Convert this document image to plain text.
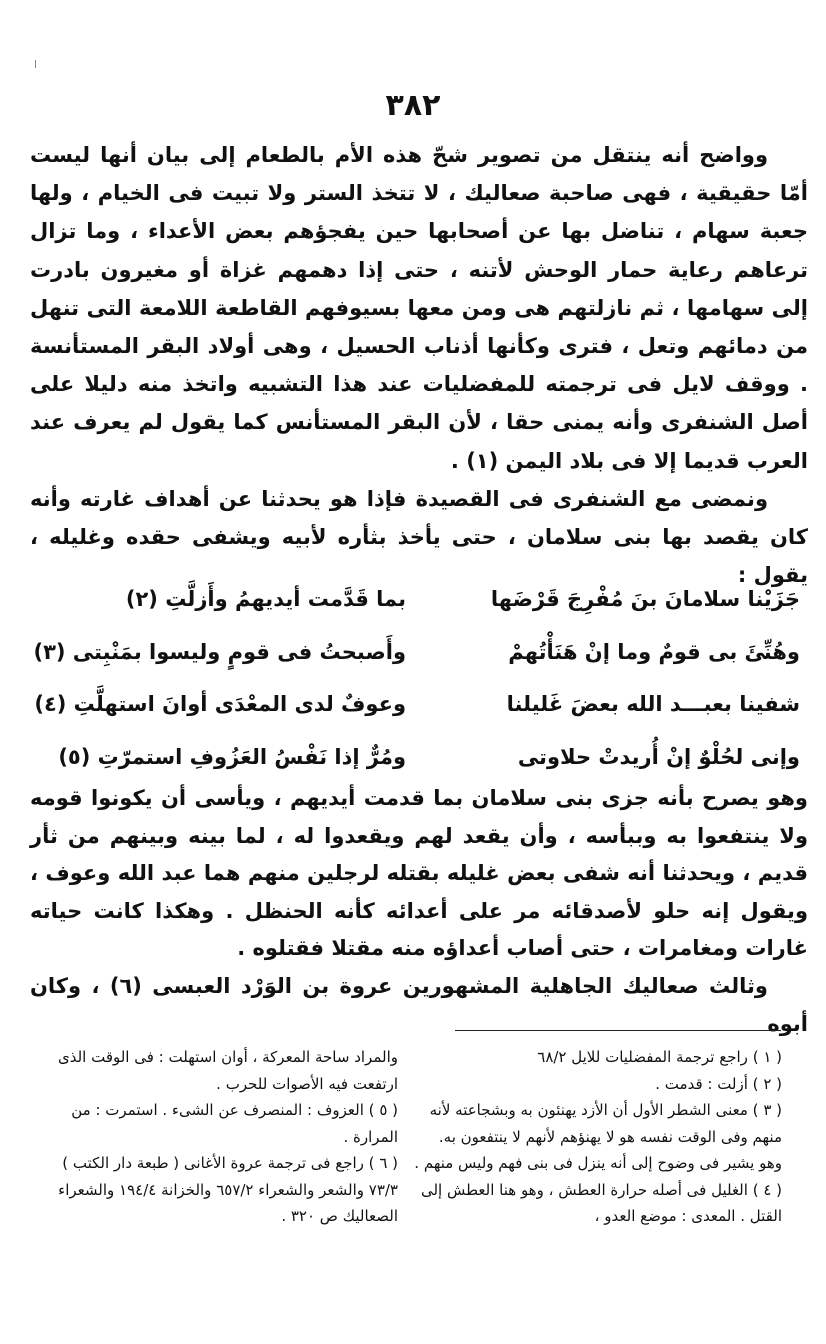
٣٨٢

وواضح أنه ينتقل من تصوير شحّ هذه الأم بالطعام إلى بيان أنها ليست أمّا حقيقية ، فهى صاحبة صعاليك ، لا تتخذ الستر ولا تبيت فى الخيام ، ولها جعبة سهام ، تناضل بها عن أصحابها حين يفجؤهم بعض الأعداء ، وما تزال ترعاهم رعاية حمار الوحش لأتنه ، حتى إذا دهمهم غزاة أو مغيرون بادرت إلى سهامها ، ثم نازلتهم هى ومن معها بسيوفهم القاطعة اللامعة التى تنهل من دمائهم وتعل ، فترى وكأنها أذناب الحسيل ، وهى أولاد البقر المستأنسة . ووقف لايل فى ترجمته للمفضليات عند هذا التشبيه واتخذ منه دليلا على أصل الشنفرى وأنه يمنى حقا ، لأن البقر المستأنس كما يقول لم يعرف عند العرب قديما إلا فى بلاد اليمن (١) .

ونمضى مع الشنفرى فى القصيدة فإذا هو يحدثنا عن أهداف غارته وأنه كان يقصد بها بنى سلامان ، حتى يأخذ بثأره لأبيه ويشفى حقده وغليله ، يقول :

جَزَيْنا سلامانَ بنَ مُفْرِجَ قَرْضَها
بما قَدَّمت أيديهمُ وأَزلَّتِ (٢)
وهُنِّئَ بى قومٌ وما إنْ هَنَأْتُهمْ
وأَصبحتُ فى قومٍ وليسوا بمَنْبِتى (٣)
شفينا بعبـــد الله بعضَ غَليلنا
وعوفٌ لدى المعْدَى أوانَ استهلَّتِ (٤)
وإنى لحُلْوٌ إنْ أُريدتْ حلاوتى
ومُرٌّ إذا نَفْسُ العَزُوفِ استمرّتِ (٥)

وهو يصرح بأنه جزى بنى سلامان بما قدمت أيديهم ، ويأسى أن يكونوا قومه ولا ينتفعوا به وببأسه ، وأن يقعد لهم ويقعدوا له ، لما بينه وبينهم من ثأر قديم ، ويحدثنا أنه شفى بعض غليله بقتله لرجلين منهم هما عبد الله وعوف ، ويقول إنه حلو لأصدقائه مر على أعدائه كأنه الحنظل . وهكذا كانت حياته غارات ومغامرات ، حتى أصاب أعداؤه منه مقتلا فقتلوه .

وثالث صعاليك الجاهلية المشهورين عروة بن الوَرْد العبسى (٦) ، وكان أبوه

( ١ ) راجع ترجمة المفضليات للايل ٦٨/٢

( ٢ ) أزلت : قدمت .

( ٣ ) معنى الشطر الأول أن الأزد يهنئون به وبشجاعته لأنه منهم وفى الوقت نفسه هو لا يهنؤهم لأنهم لا ينتفعون به. وهو يشير فى وضوح إلى أنه ينزل فى بنى فهم وليس منهم .

( ٤ ) الغليل فى أصله حرارة العطش ، وهو هنا العطش إلى القتل . المعدى : موضع العدو ،

والمراد ساحة المعركة ، أوان استهلت : فى الوقت الذى ارتفعت فيه الأصوات للحرب .

( ٥ ) العزوف : المنصرف عن الشىء . استمرت : من المرارة .

( ٦ ) راجع فى ترجمة عروة الأغانى ( طبعة دار الكتب ) ٧٣/٣ والشعر والشعراء ٦٥٧/٢ والخزانة ١٩٤/٤ والشعراء الصعاليك ص ٣٢٠ .
